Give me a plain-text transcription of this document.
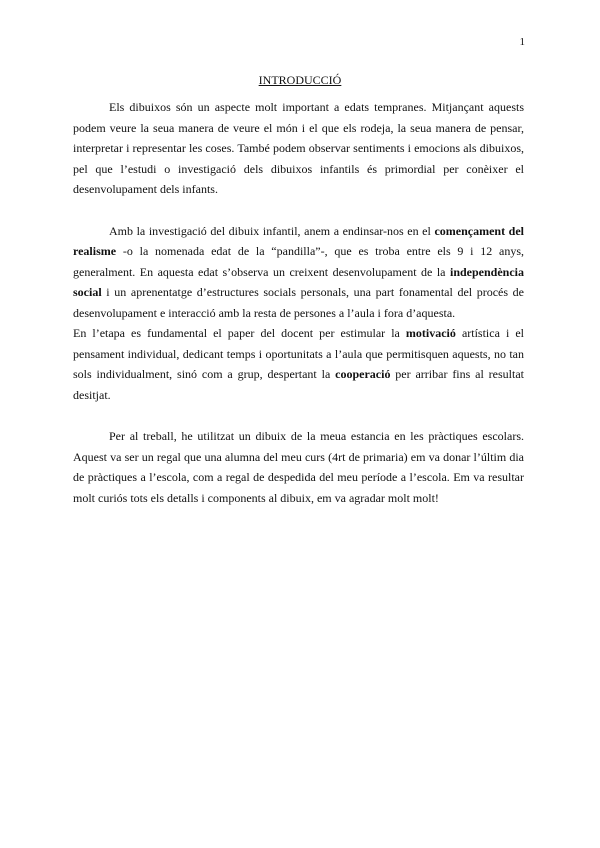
1
INTRODUCCIÓ

Els dibuixos són un aspecte molt important a edats tempranes. Mitjançant aquests podem veure la seua manera de veure el món i el que els rodeja, la seua manera de pensar, interpretar i representar les coses. També podem observar sentiments i emocions als dibuixos, pel que l’estudi o investigació dels dibuixos infantils és primordial per conèixer el desenvolupament dels infants.

Amb la investigació del dibuix infantil, anem a endinsar-nos en el començament del realisme -o la nomenada edat de la “pandilla”-, que es troba entre els 9 i 12 anys, generalment. En aquesta edat s’observa un creixent desenvolupament de la independència social i un aprenentatge d’estructures socials personals, una part fonamental del procés de desenvolupament e interacció amb la resta de persones a l’aula i fora d’aquesta.

En l’etapa es fundamental el paper del docent per estimular la motivació artística i el pensament individual, dedicant temps i oportunitats a l’aula que permitisquen aquests, no tan sols individualment, sinó com a grup, despertant la cooperació per arribar fins al resultat desitjat.

Per al treball, he utilitzat un dibuix de la meua estancia en les pràctiques escolars. Aquest va ser un regal que una alumna del meu curs (4rt de primaria) em va donar l’últim dia de pràctiques a l’escola, com a regal de despedida del meu període a l’escola. Em va resultar molt curiós tots els detalls i components al dibuix, em va agradar molt molt!
